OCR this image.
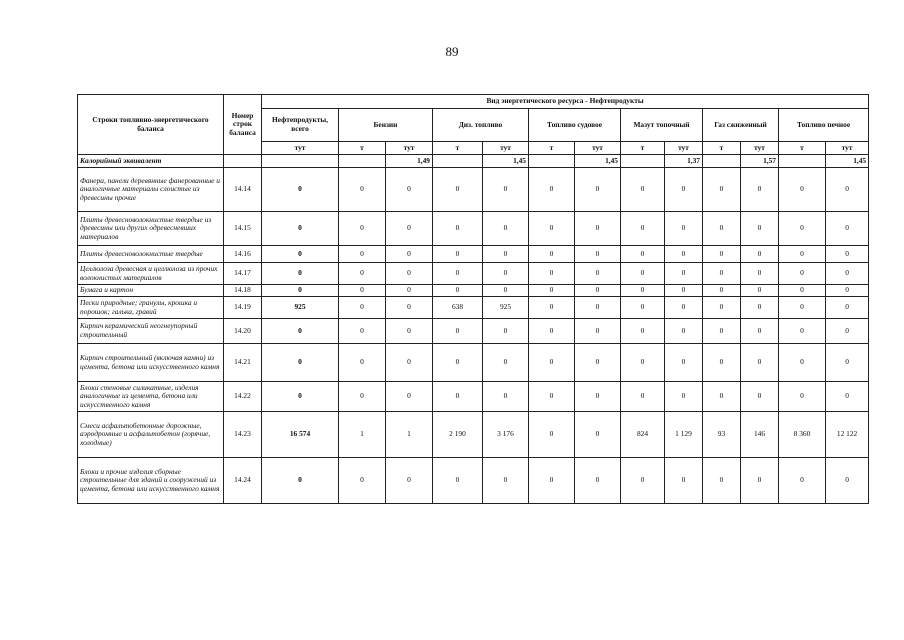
89
Строки топливно-энергетического баланса	Номер строк баланса	Вид энергетического ресурса - Нефтепродукты												
		Нефтепродукты, всего	Бензин		Диз. топливо		Топливо судовое		Мазут топочный		Газ сжиженный		Топливо печное	
		тут	т	тут	т	тут	т	тут	т	тут	т	тут	т	тут
Калорийный эквивалент				1,49		1,45		1,45		1,37		1,57		1,45
Фанера, панели деревянные фанерованные и аналогичные материалы слоистые из древесины прочие	14.14	0	0	0	0	0	0	0	0	0	0	0	0	0
Плиты древесноволокнистые твердые из древесины или других одревесневших материалов	14.15	0	0	0	0	0	0	0	0	0	0	0	0	0
Плиты древесноволокнистые твердые	14.16	0	0	0	0	0	0	0	0	0	0	0	0	0
Целлюлоза древесная и целлюлоза из прочих волокнистых материалов	14.17	0	0	0	0	0	0	0	0	0	0	0	0	0
Бумага и картон	14.18	0	0	0	0	0	0	0	0	0	0	0	0	0
Пески природные; гранулы, крошка и порошок; галька, гравий	14.19	925	0	0	638	925	0	0	0	0	0	0	0	0
Кирпич керамический неогнеупорный строительный	14.20	0	0	0	0	0	0	0	0	0	0	0	0	0
Кирпич строительный (включая камни) из цемента, бетона или искусственного камня	14.21	0	0	0	0	0	0	0	0	0	0	0	0	0
Блоки стеновые силикатные, изделия аналогичные из цемента, бетона или искусственного камня	14.22	0	0	0	0	0	0	0	0	0	0	0	0	0
Смеси асфальтобетонные дорожные, аэродромные и асфальтобетон (горячие, холодные)	14.23	16 574	1	1	2 190	3 176	0	0	824	1 129	93	146	8 360	12 122
Блоки и прочие изделия сборные строительные для зданий и сооружений из цемента, бетона или искусственного камня	14.24	0	0	0	0	0	0	0	0	0	0	0	0	0
